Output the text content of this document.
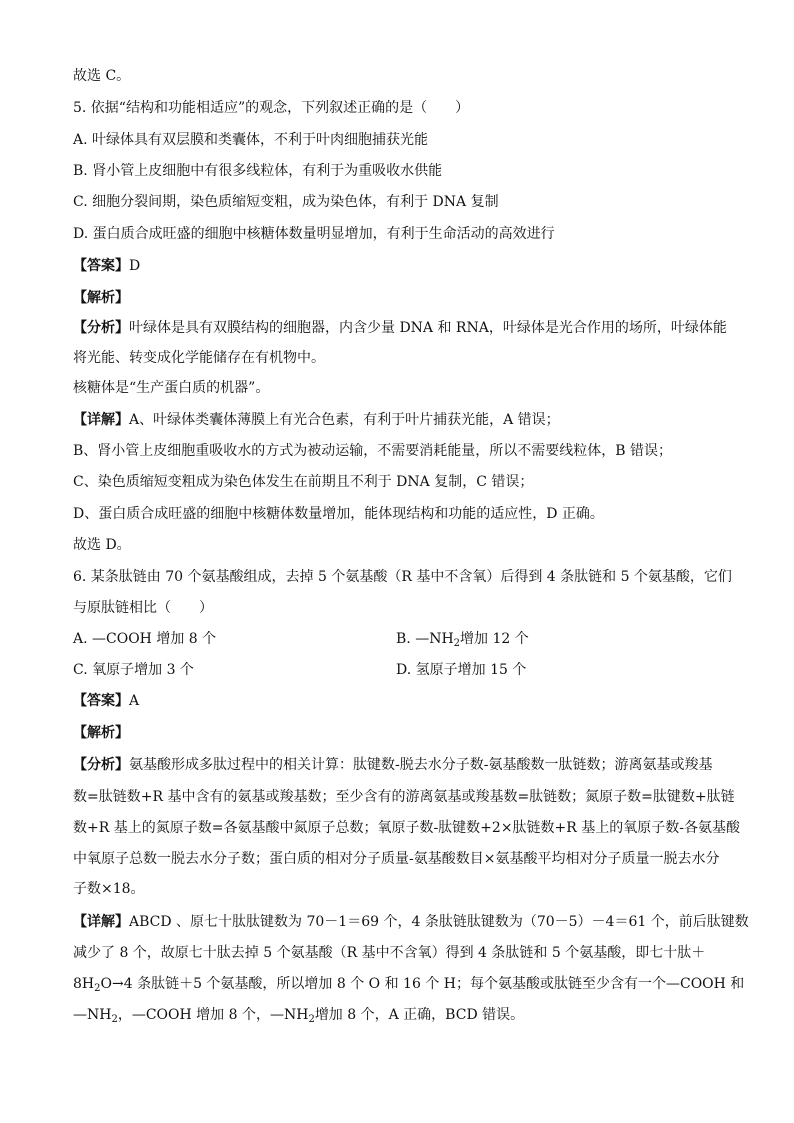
故选 C。
5. 依据“结构和功能相适应”的观念，下列叙述正确的是（　　）
A. 叶绿体具有双层膜和类囊体，不利于叶肉细胞捕获光能
B. 肾小管上皮细胞中有很多线粒体，有利于为重吸收水供能
C. 细胞分裂间期，染色质缩短变粗，成为染色体，有利于 DNA 复制
D. 蛋白质合成旺盛的细胞中核糖体数量明显增加，有利于生命活动的高效进行
【答案】D
【解析】
【分析】叶绿体是具有双膜结构的细胞器，内含少量 DNA 和 RNA，叶绿体是光合作用的场所，叶绿体能
将光能、转变成化学能储存在有机物中。
核糖体是“生产蛋白质的机器”。
【详解】A、叶绿体类囊体薄膜上有光合色素，有利于叶片捕获光能，A 错误；
B、肾小管上皮细胞重吸收水的方式为被动运输，不需要消耗能量，所以不需要线粒体，B 错误；
C、染色质缩短变粗成为染色体发生在前期且不利于 DNA 复制，C 错误；
D、蛋白质合成旺盛的细胞中核糖体数量增加，能体现结构和功能的适应性，D 正确。
故选 D。
6. 某条肽链由 70 个氨基酸组成，去掉 5 个氨基酸（R 基中不含氧）后得到 4 条肽链和 5 个氨基酸，它们
与原肽链相比（　　）
A. —COOH 增加 8 个	B. $—NH_2$增加 12 个
C. 氧原子增加 3 个	D. 氢原子增加 15 个
【答案】A
【解析】
【分析】氨基酸形成多肽过程中的相关计算：肽键数-脱去水分子数-氨基酸数一肽链数；游离氨基或羧基
数=肽链数+R 基中含有的氨基或羧基数；至少含有的游离氨基或羧基数=肽链数；氮原子数=肽键数+肽链
数+R 基上的氮原子数=各氨基酸中氮原子总数；氧原子数-肽键数+2×肽链数+R 基上的氧原子数-各氨基酸
中氧原子总数一脱去水分子数；蛋白质的相对分子质量-氨基酸数目×氨基酸平均相对分子质量一脱去水分
子数×18。
【详解】ABCD 、原七十肽肽键数为 70－1＝69 个，4 条肽链肽键数为（70－5）－4＝61 个，前后肽键数
减少了 8 个，故原七十肽去掉 5 个氨基酸（R 基中不含氧）得到 4 条肽链和 5 个氨基酸，即七十肽＋
$8H_2O\to 4$ 条肽链＋5 个氨基酸，所以增加 8 个 O 和 16 个 H；每个氨基酸或肽链至少含有一个—COOH 和
$—NH_2$，—COOH 增加 8 个，$—NH_2$增加 8 个，A 正确，BCD 错误。
